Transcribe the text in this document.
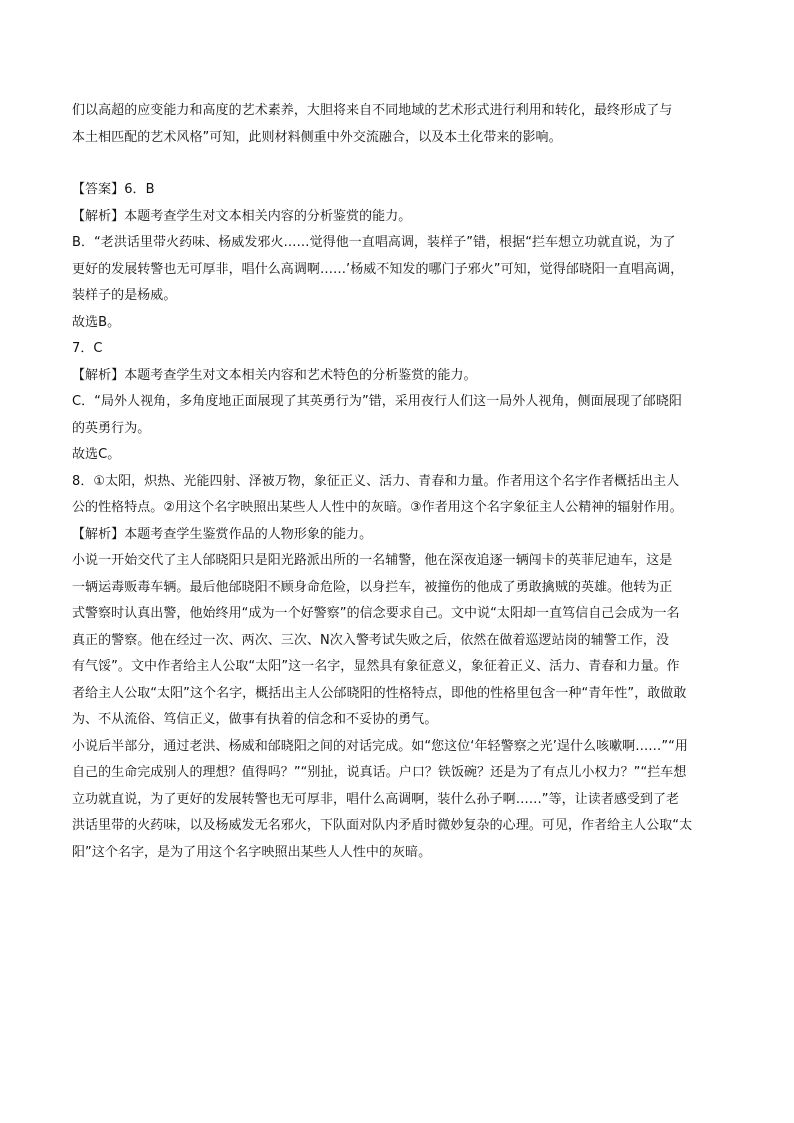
们以高超的应变能力和高度的艺术素养，大胆将来自不同地域的艺术形式进行利用和转化，最终形成了与
本土相匹配的艺术风格”可知，此则材料侧重中外交流融合，以及本土化带来的影响。
【答案】6．B
【解析】本题考查学生对文本相关内容的分析鉴赏的能力。
B．“老洪话里带火药味、杨威发邪火……觉得他一直唱高调，装样子”错，根据“拦车想立功就直说，为了
更好的发展转警也无可厚非，唱什么高调啊……’杨威不知发的哪门子邪火”可知，觉得邰晓阳一直唱高调，
装样子的是杨威。
故选B。
7．C
【解析】本题考查学生对文本相关内容和艺术特色的分析鉴赏的能力。
C．“局外人视角，多角度地正面展现了其英勇行为”错，采用夜行人们这一局外人视角，侧面展现了邰晓阳
的英勇行为。
故选C。
8．①太阳，炽热、光能四射、泽被万物，象征正义、活力、青春和力量。作者用这个名字作者概括出主人
公的性格特点。②用这个名字映照出某些人人性中的灰暗。③作者用这个名字象征主人公精神的辐射作用。
【解析】本题考查学生鉴赏作品的人物形象的能力。
小说一开始交代了主人邰晓阳只是阳光路派出所的一名辅警，他在深夜追逐一辆闯卡的英菲尼迪车，这是
一辆运毒贩毒车辆。最后他邰晓阳不顾身命危险，以身拦车，被撞伤的他成了勇敢擒贼的英雄。他转为正
式警察时认真出警，他始终用“成为一个好警察”的信念要求自己。文中说“太阳却一直笃信自己会成为一名
真正的警察。他在经过一次、两次、三次、N次入警考试失败之后，依然在做着巡逻站岗的辅警工作，没
有气馁”。文中作者给主人公取“太阳”这一名字，显然具有象征意义，象征着正义、活力、青春和力量。作
者给主人公取“太阳”这个名字，概括出主人公邰晓阳的性格特点，即他的性格里包含一种“青年性”，敢做敢
为、不从流俗、笃信正义，做事有执着的信念和不妥协的勇气。
小说后半部分，通过老洪、杨威和邰晓阳之间的对话完成。如“您这位‘年轻警察之光’逞什么咳嗽啊……”“用
自己的生命完成别人的理想？值得吗？”“别扯，说真话。户口？铁饭碗？还是为了有点儿小权力？”“拦车想
立功就直说，为了更好的发展转警也无可厚非，唱什么高调啊，装什么孙子啊……”等，让读者感受到了老
洪话里带的火药味，以及杨威发无名邪火，下队面对队内矛盾时微妙复杂的心理。可见，作者给主人公取“太
阳”这个名字，是为了用这个名字映照出某些人人性中的灰暗。
